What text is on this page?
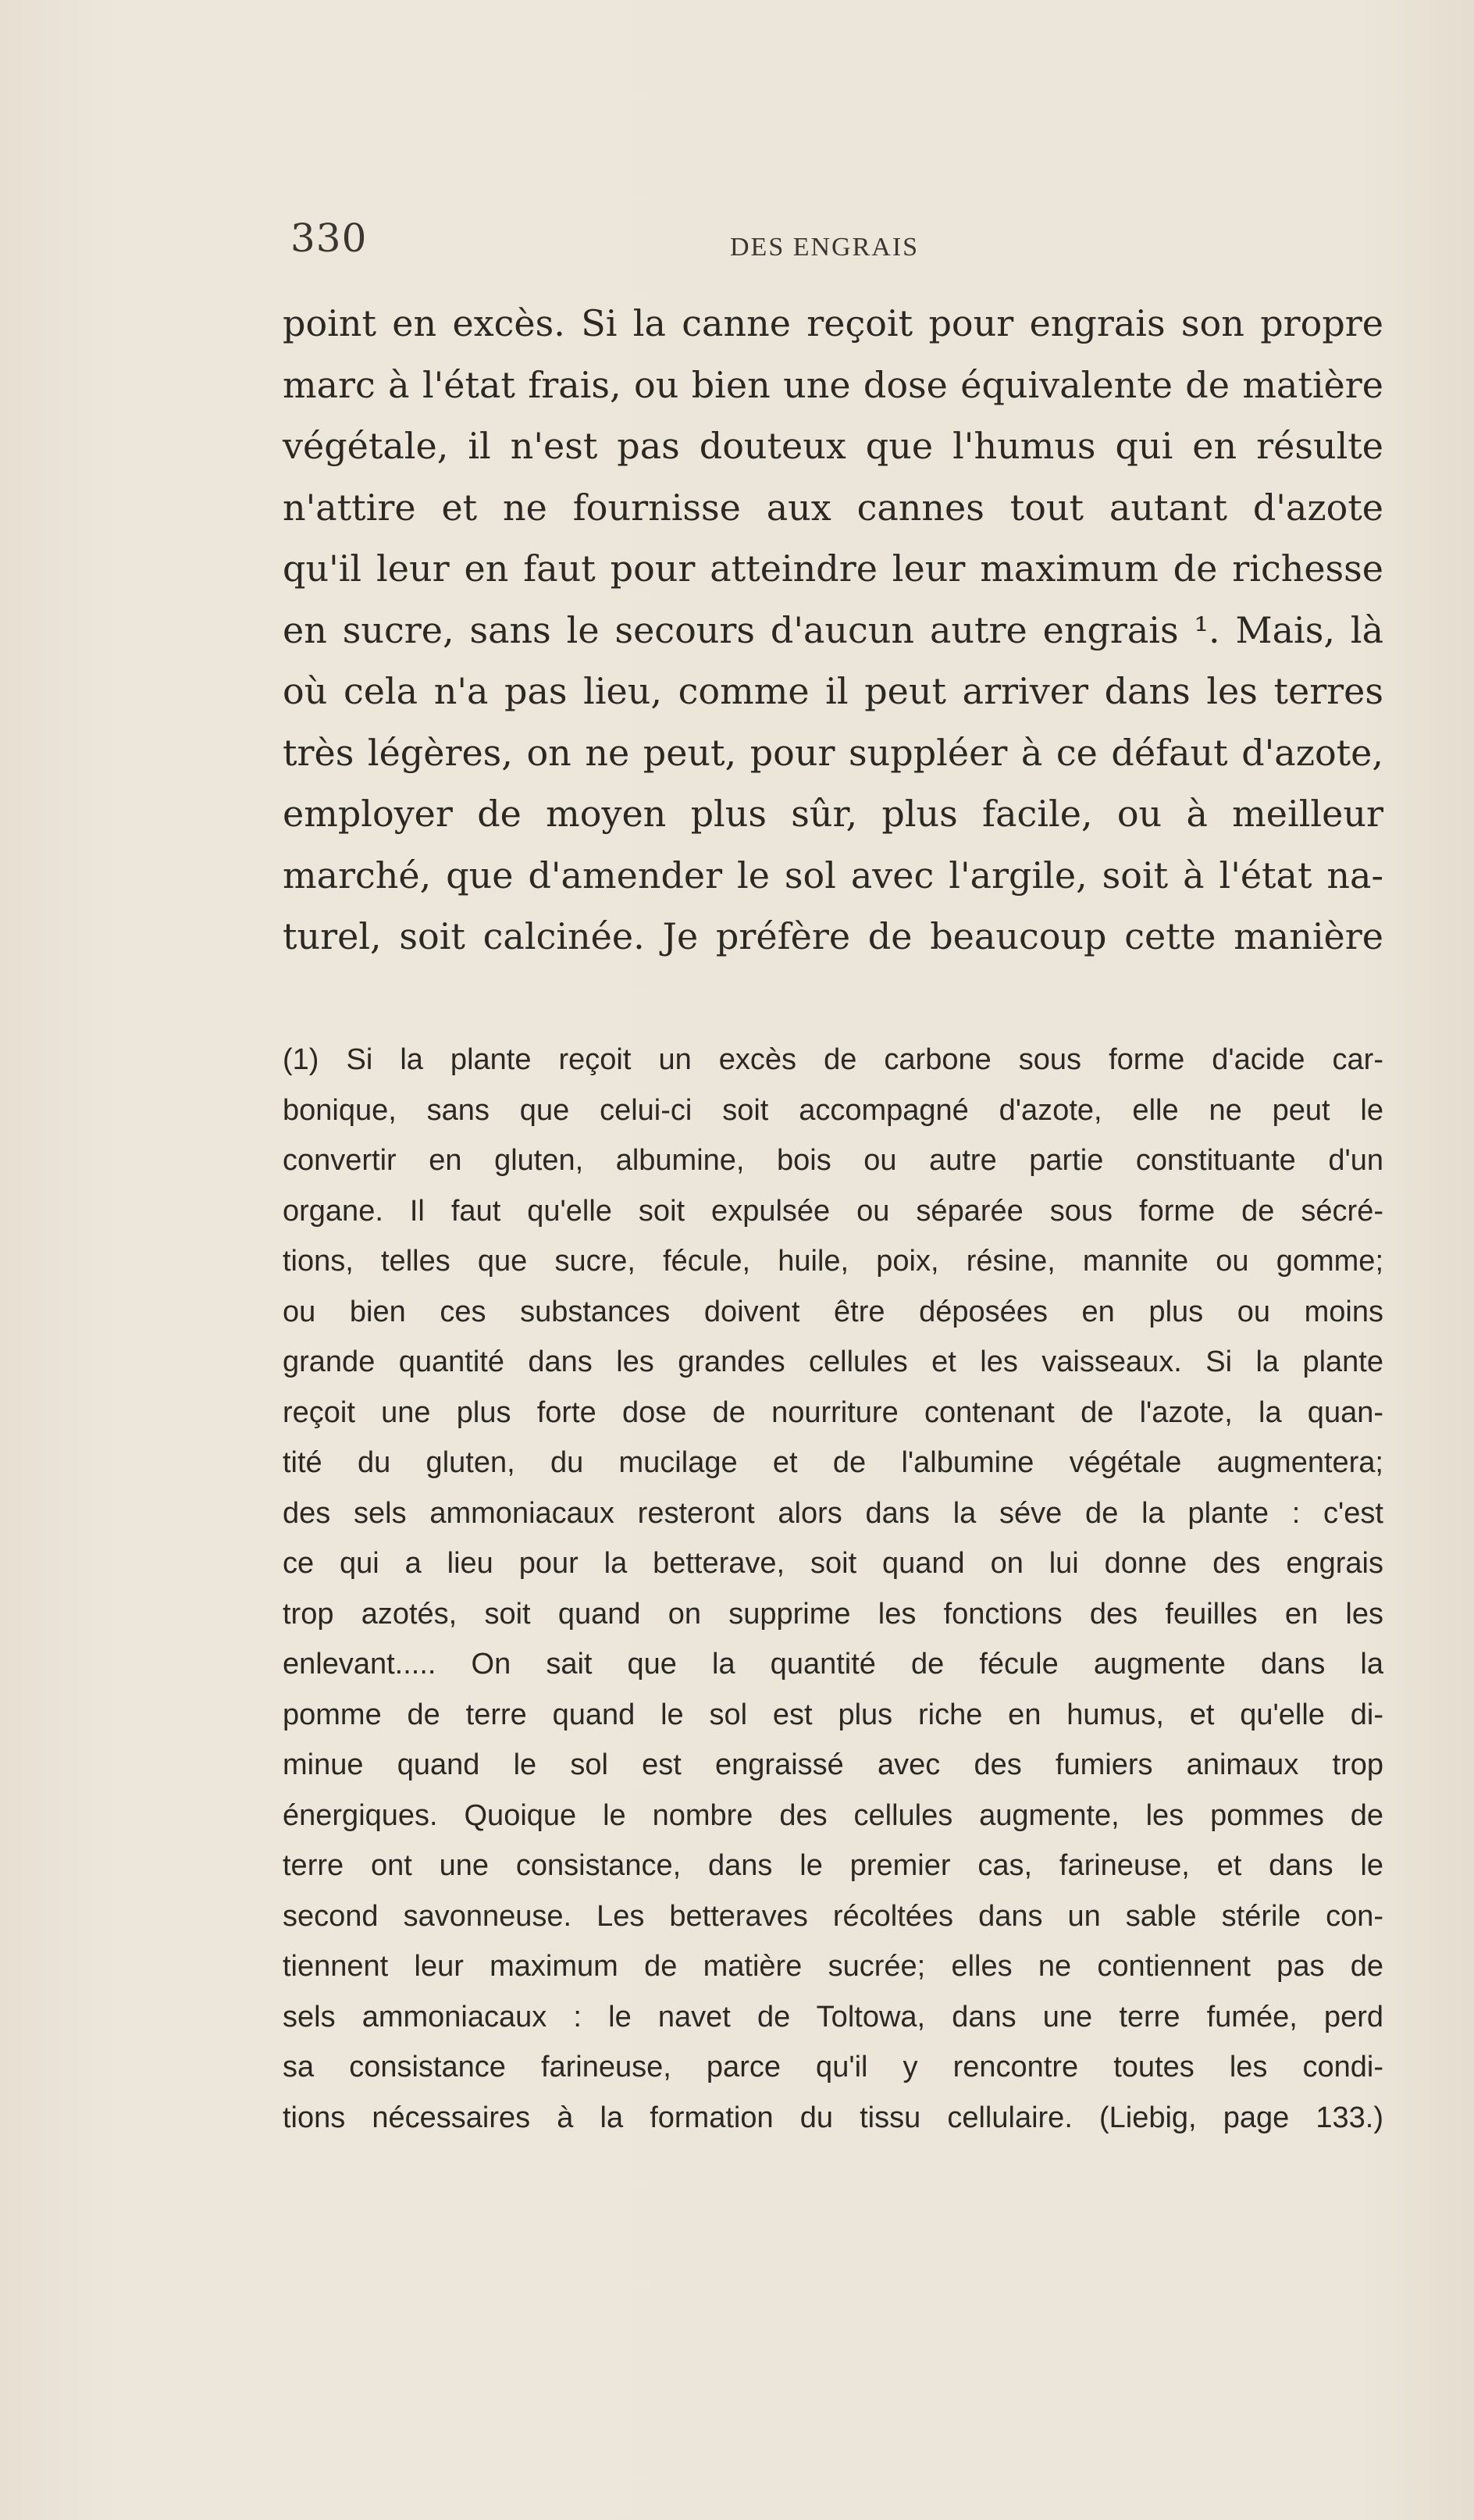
330	DES ENGRAIS
point en excès. Si la canne reçoit pour engrais son propre
marc à l'état frais, ou bien une dose équivalente de matière
végétale, il n'est pas douteux que l'humus qui en résulte
n'attire et ne fournisse aux cannes tout autant d'azote
qu'il leur en faut pour atteindre leur maximum de richesse
en sucre, sans le secours d'aucun autre engrais ¹. Mais, là
où cela n'a pas lieu, comme il peut arriver dans les terres
très légères, on ne peut, pour suppléer à ce défaut d'azote,
employer de moyen plus sûr, plus facile, ou à meilleur
marché, que d'amender le sol avec l'argile, soit à l'état na-
turel, soit calcinée. Je préfère de beaucoup cette manière
(1) Si la plante reçoit un excès de carbone sous forme d'acide car-
bonique, sans que celui-ci soit accompagné d'azote, elle ne peut le
convertir en gluten, albumine, bois ou autre partie constituante d'un
organe. Il faut qu'elle soit expulsée ou séparée sous forme de sécré-
tions, telles que sucre, fécule, huile, poix, résine, mannite ou gomme;
ou bien ces substances doivent être déposées en plus ou moins
grande quantité dans les grandes cellules et les vaisseaux. Si la plante
reçoit une plus forte dose de nourriture contenant de l'azote, la quan-
tité du gluten, du mucilage et de l'albumine végétale augmentera;
des sels ammoniacaux resteront alors dans la séve de la plante : c'est
ce qui a lieu pour la betterave, soit quand on lui donne des engrais
trop azotés, soit quand on supprime les fonctions des feuilles en les
enlevant..... On sait que la quantité de fécule augmente dans la
pomme de terre quand le sol est plus riche en humus, et qu'elle di-
minue quand le sol est engraissé avec des fumiers animaux trop
énergiques. Quoique le nombre des cellules augmente, les pommes de
terre ont une consistance, dans le premier cas, farineuse, et dans le
second savonneuse. Les betteraves récoltées dans un sable stérile con-
tiennent leur maximum de matière sucrée; elles ne contiennent pas de
sels ammoniacaux : le navet de Toltowa, dans une terre fumée, perd
sa consistance farineuse, parce qu'il y rencontre toutes les condi-
tions nécessaires à la formation du tissu cellulaire. (Liebig, page 133.)
